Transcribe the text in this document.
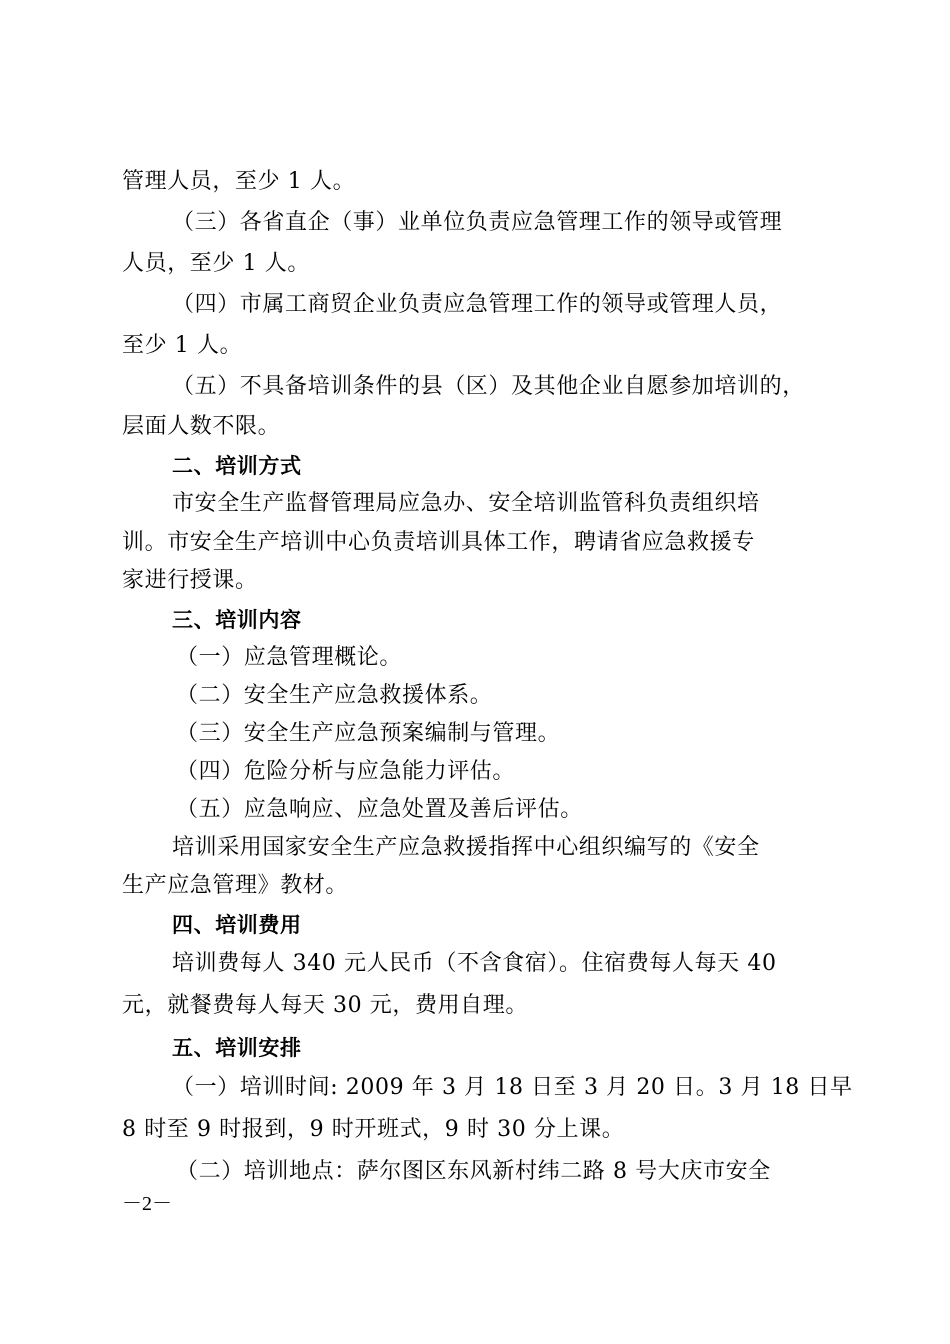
管理人员，至少 1 人。
（三）各省直企（事）业单位负责应急管理工作的领导或管理
人员，至少 1 人。
（四）市属工商贸企业负责应急管理工作的领导或管理人员，
至少 1 人。
（五）不具备培训条件的县（区）及其他企业自愿参加培训的，
层面人数不限。
二、培训方式
市安全生产监督管理局应急办、安全培训监管科负责组织培
训。市安全生产培训中心负责培训具体工作，聘请省应急救援专
家进行授课。
三、培训内容
（一）应急管理概论。
（二）安全生产应急救援体系。
（三）安全生产应急预案编制与管理。
（四）危险分析与应急能力评估。
（五）应急响应、应急处置及善后评估。
培训采用国家安全生产应急救援指挥中心组织编写的《安全
生产应急管理》教材。
四、培训费用
培训费每人 340 元人民币（不含食宿）。住宿费每人每天 40
元，就餐费每人每天 30 元，费用自理。
五、培训安排
（一）培训时间: 2009 年 3 月 18 日至 3 月 20 日。3 月 18 日早
8 时至 9 时报到，9 时开班式，9 时 30 分上课。
（二）培训地点：萨尔图区东风新村纬二路 8 号大庆市安全
－2－
